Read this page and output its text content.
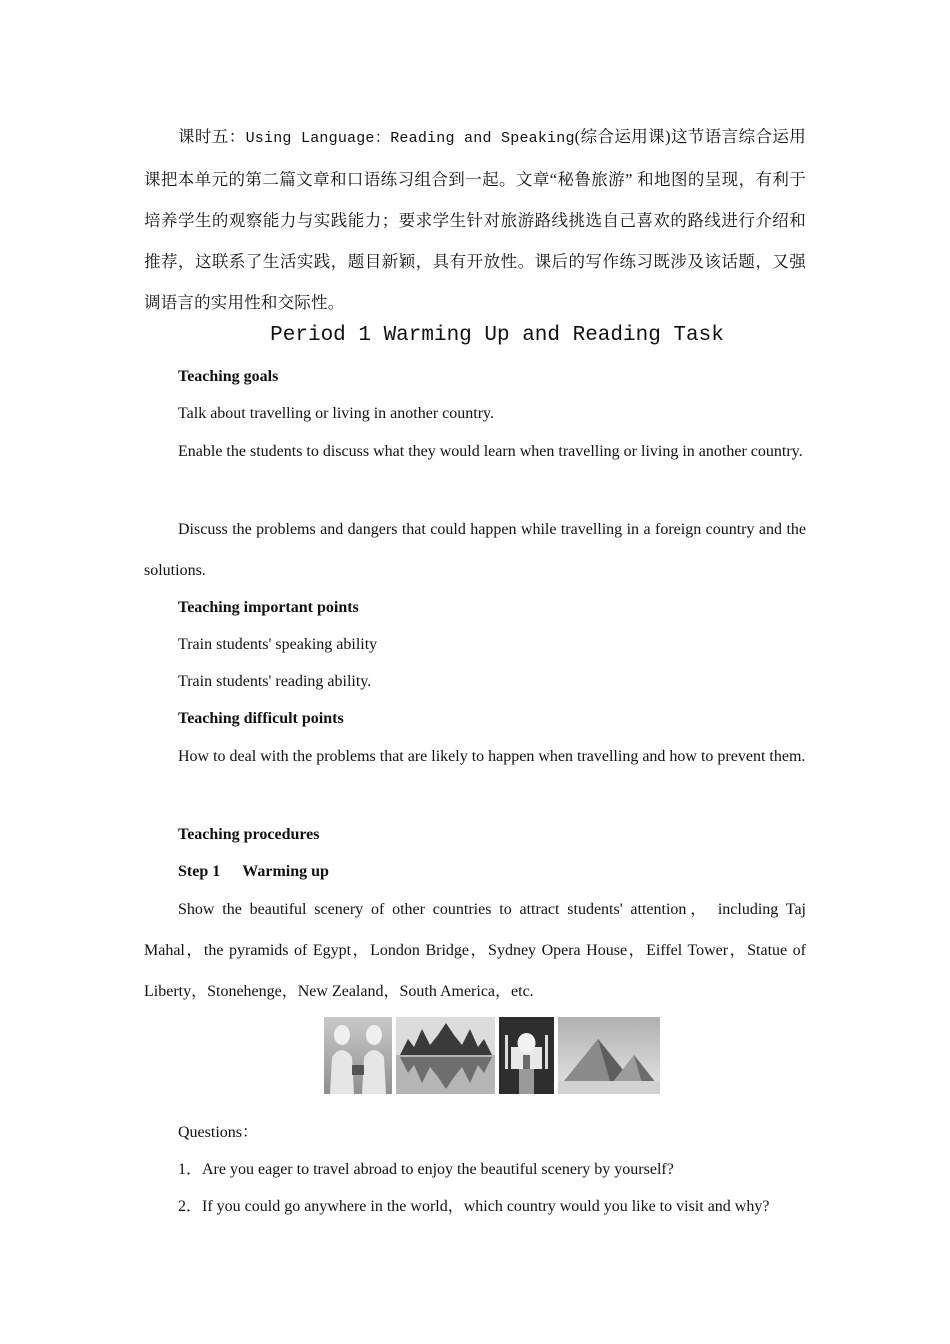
课时五：Using Language：Reading and Speaking(综合运用课)这节语言综合运用课把本单元的第二篇文章和口语练习组合到一起。文章“秘鲁旅游” 和地图的呈现，有利于培养学生的观察能力与实践能力；要求学生针对旅游路线挑选自己喜欢的路线进行介绍和推荐，这联系了生活实践，题目新颖，具有开放性。课后的写作练习既涉及该话题，又强调语言的实用性和交际性。
Period 1 Warming Up and Reading Task
Teaching goals
Talk about travelling or living in another country.
Enable the students to discuss what they would learn when travelling or living in another country.
Discuss the problems and dangers that could happen while travelling in a foreign country and the solutions.
Teaching important points
Train students' speaking ability
Train students' reading ability.
Teaching difficult points
How to deal with the problems that are likely to happen when travelling and how to prevent them.
Teaching procedures
Step 1 Warming up
Show the beautiful scenery of other countries to attract students' attention， including Taj Mahal，the pyramids of Egypt，London Bridge，Sydney Opera House，Eiffel Tower，Statue of Liberty，Stonehenge，New Zealand，South America，etc.
Questions：
1．Are you eager to travel abroad to enjoy the beautiful scenery by yourself?
2．If you could go anywhere in the world，which country would you like to visit and why?
